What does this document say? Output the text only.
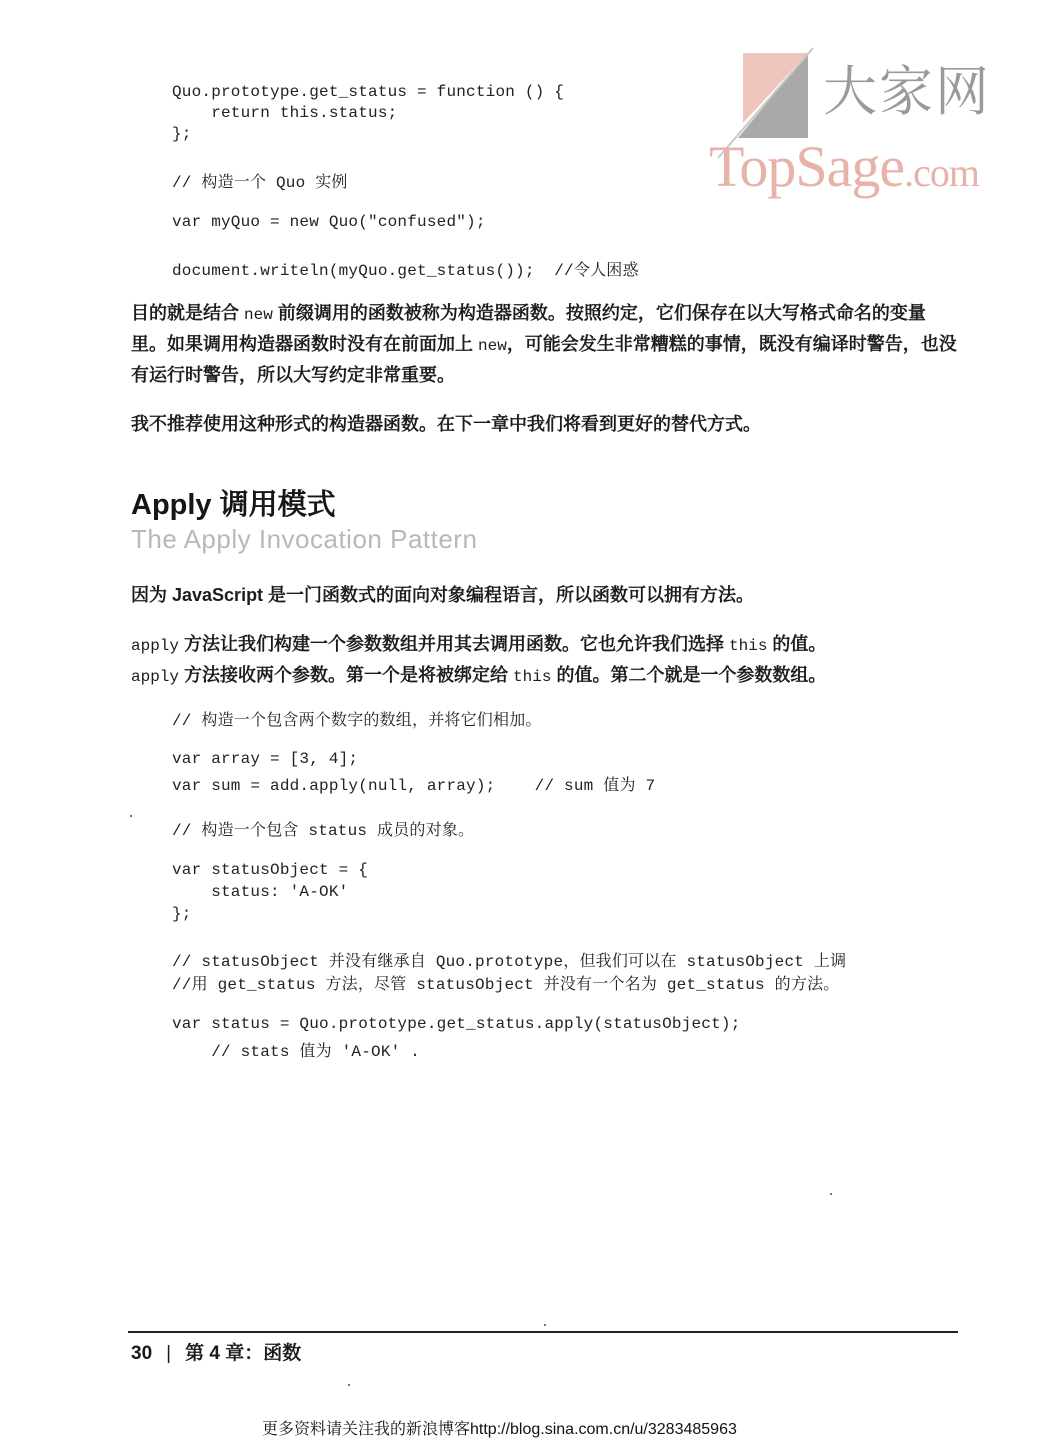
大家网
TopSage.com
Quo.prototype.get_status = function () {
return this.status;
};
// 构造一个 Quo 实例
var myQuo = new Quo("confused");
document.writeln(myQuo.get_status());  //令人困惑
目的就是结合 new 前缀调用的函数被称为构造器函数。按照约定，它们保存在以大写格式命名的变量里。如果调用构造器函数时没有在前面加上 new，可能会发生非常糟糕的事情，既没有编译时警告，也没有运行时警告，所以大写约定非常重要。
我不推荐使用这种形式的构造器函数。在下一章中我们将看到更好的替代方式。
Apply 调用模式
The Apply Invocation Pattern
因为 JavaScript 是一门函数式的面向对象编程语言，所以函数可以拥有方法。
apply 方法让我们构建一个参数数组并用其去调用函数。它也允许我们选择 this 的值。
apply 方法接收两个参数。第一个是将被绑定给 this 的值。第二个就是一个参数数组。
// 构造一个包含两个数字的数组，并将它们相加。
var array = [3, 4];
var sum = add.apply(null, array);    // sum 值为 7
// 构造一个包含 status 成员的对象。
var statusObject = {
status: 'A-OK'
};
// statusObject 并没有继承自 Quo.prototype，但我们可以在 statusObject 上调
//用 get_status 方法，尽管 statusObject 并没有一个名为 get_status 的方法。
var status = Quo.prototype.get_status.apply(statusObject);
// stats 值为 'A-OK' .
30 | 第 4 章：函数
更多资料请关注我的新浪博客http://blog.sina.com.cn/u/3283485963
